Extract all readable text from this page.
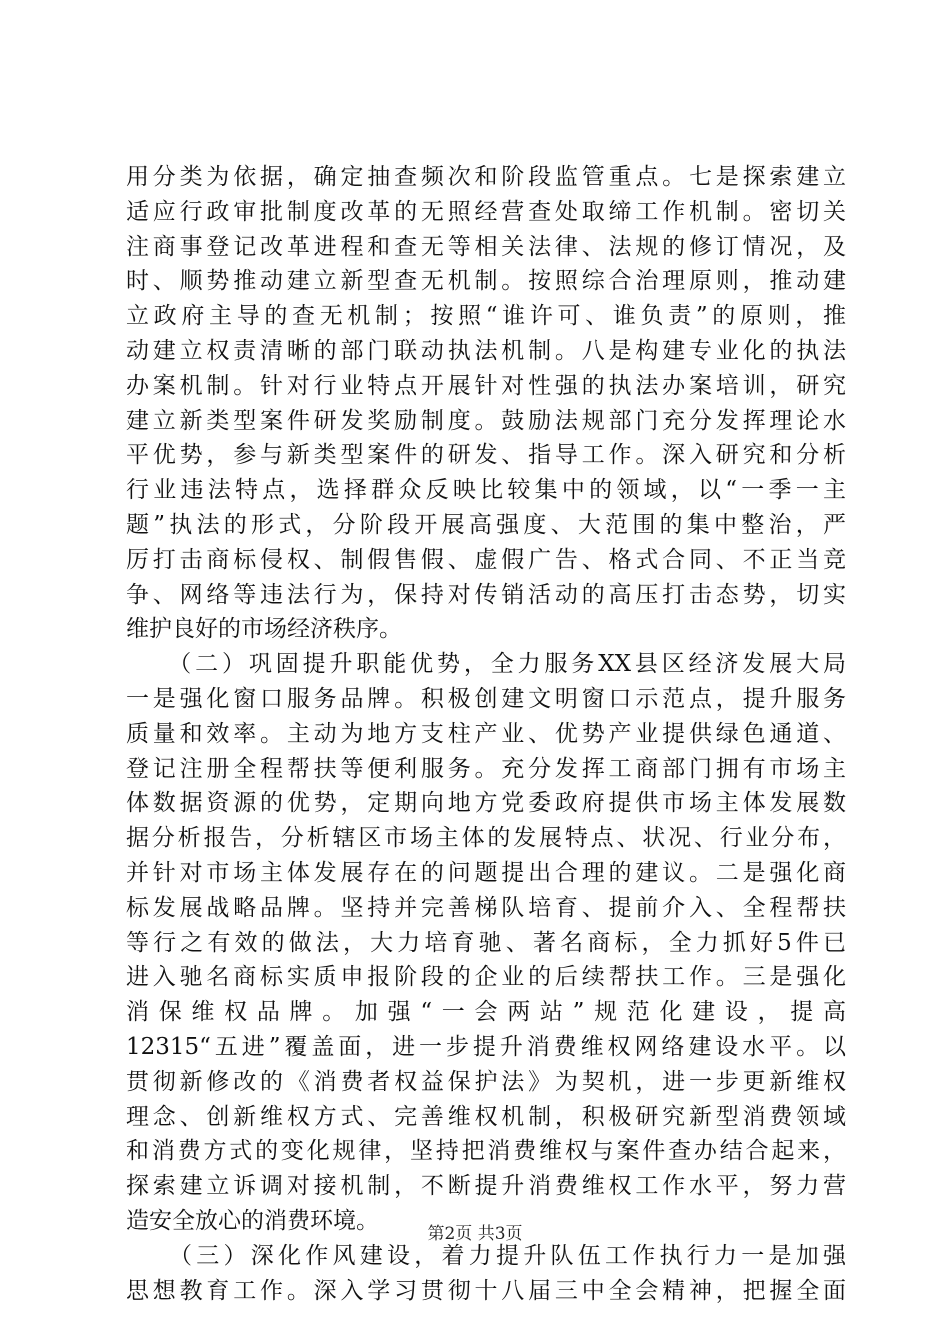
用分类为依据，确定抽查频次和阶段监管重点。七是探索建立
适应行政审批制度改革的无照经营查处取缔工作机制。密切关
注商事登记改革进程和查无等相关法律、法规的修订情况，及
时、顺势推动建立新型查无机制。按照综合治理原则，推动建
立政府主导的查无机制；按照“谁许可、谁负责”的原则，推
动建立权责清晰的部门联动执法机制。八是构建专业化的执法
办案机制。针对行业特点开展针对性强的执法办案培训，研究
建立新类型案件研发奖励制度。鼓励法规部门充分发挥理论水
平优势，参与新类型案件的研发、指导工作。深入研究和分析
行业违法特点，选择群众反映比较集中的领域，以“一季一主
题”执法的形式，分阶段开展高强度、大范围的集中整治，严
厉打击商标侵权、制假售假、虚假广告、格式合同、不正当竞
争、网络等违法行为，保持对传销活动的高压打击态势，切实
维护良好的市场经济秩序。
　　（二）巩固提升职能优势，全力服务XX县区经济发展大局
一是强化窗口服务品牌。积极创建文明窗口示范点，提升服务
质量和效率。主动为地方支柱产业、优势产业提供绿色通道、
登记注册全程帮扶等便利服务。充分发挥工商部门拥有市场主
体数据资源的优势，定期向地方党委政府提供市场主体发展数
据分析报告，分析辖区市场主体的发展特点、状况、行业分布，
并针对市场主体发展存在的问题提出合理的建议。二是强化商
标发展战略品牌。坚持并完善梯队培育、提前介入、全程帮扶
等行之有效的做法，大力培育驰、著名商标，全力抓好5件已
进入驰名商标实质申报阶段的企业的后续帮扶工作。三是强化
消保维权品牌。加强“一会两站”规范化建设，提高
12315“五进”覆盖面，进一步提升消费维权网络建设水平。以
贯彻新修改的《消费者权益保护法》为契机，进一步更新维权
理念、创新维权方式、完善维权机制，积极研究新型消费领域
和消费方式的变化规律，坚持把消费维权与案件查办结合起来，
探索建立诉调对接机制，不断提升消费维权工作水平，努力营
造安全放心的消费环境。
　　（三）深化作风建设，着力提升队伍工作执行力一是加强
思想教育工作。深入学习贯彻十八届三中全会精神，把握全面
第2页 共3页
